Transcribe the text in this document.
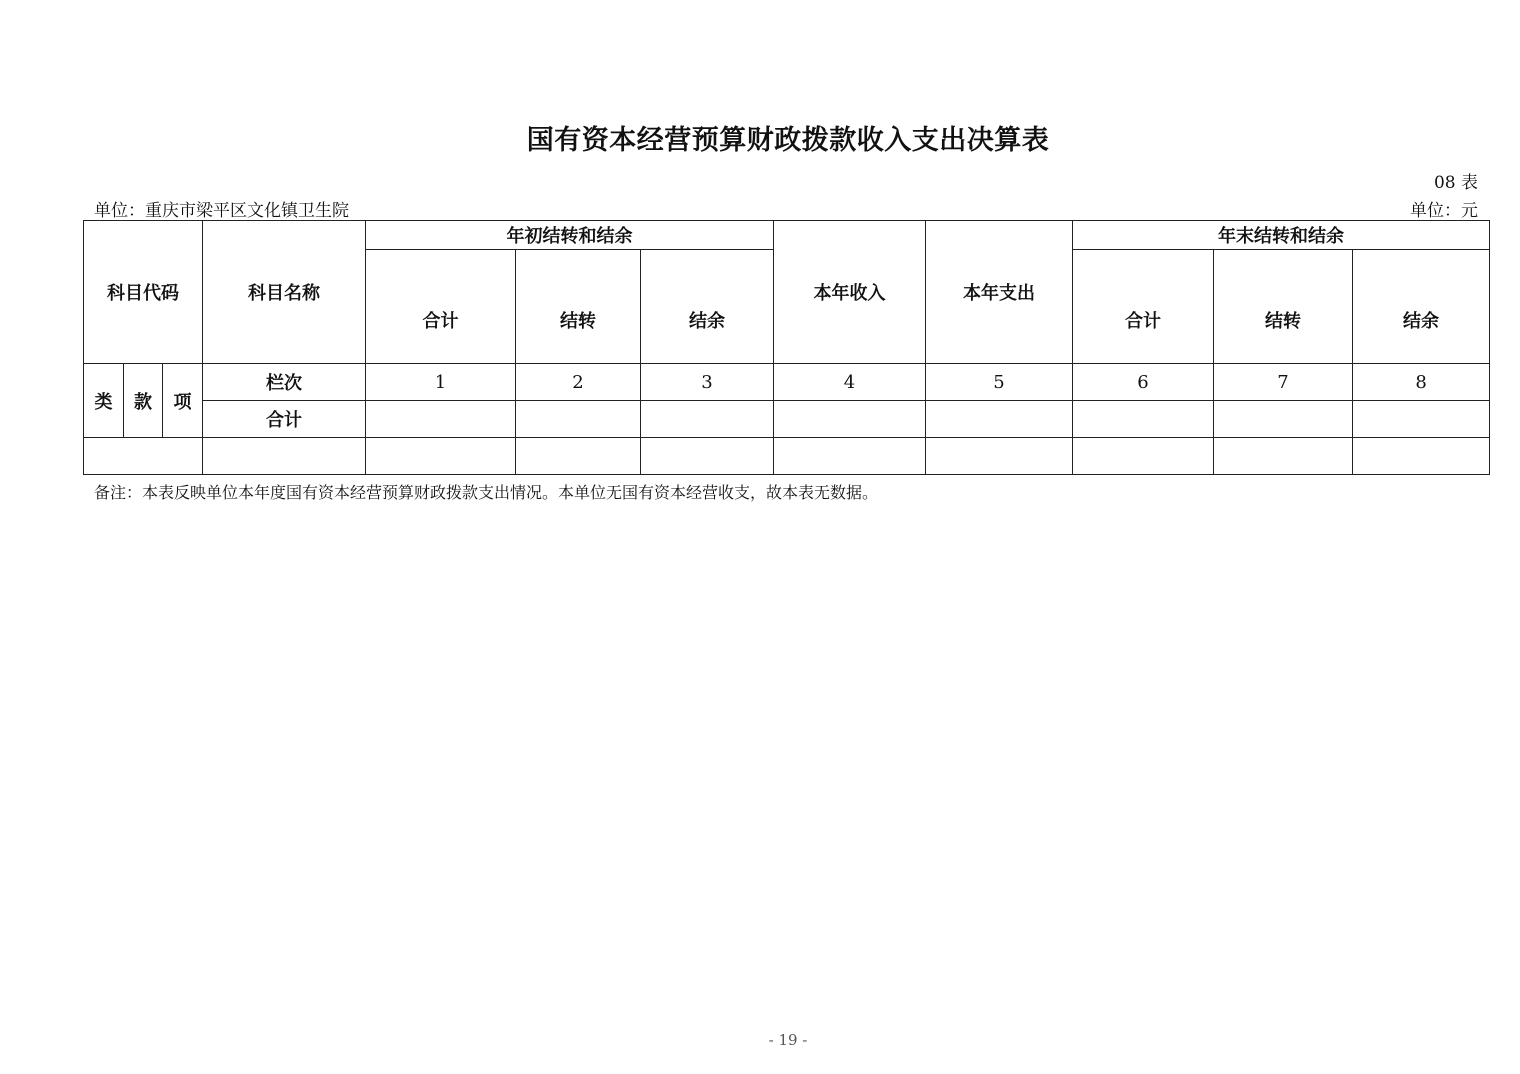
国有资本经营预算财政拨款收入支出决算表
08 表
单位：重庆市梁平区文化镇卫生院	单位：元
科目代码			科目名称	年初结转和结余			本年收入	本年支出	年末结转和结余		
				合计	结转	结余			合计	结转	结余
类	款	项	栏次	1	2	3	4	5	6	7	8
			合计								

备注：本表反映单位本年度国有资本经营预算财政拨款支出情况。本单位无国有资本经营收支，故本表无数据。
- 19 -
